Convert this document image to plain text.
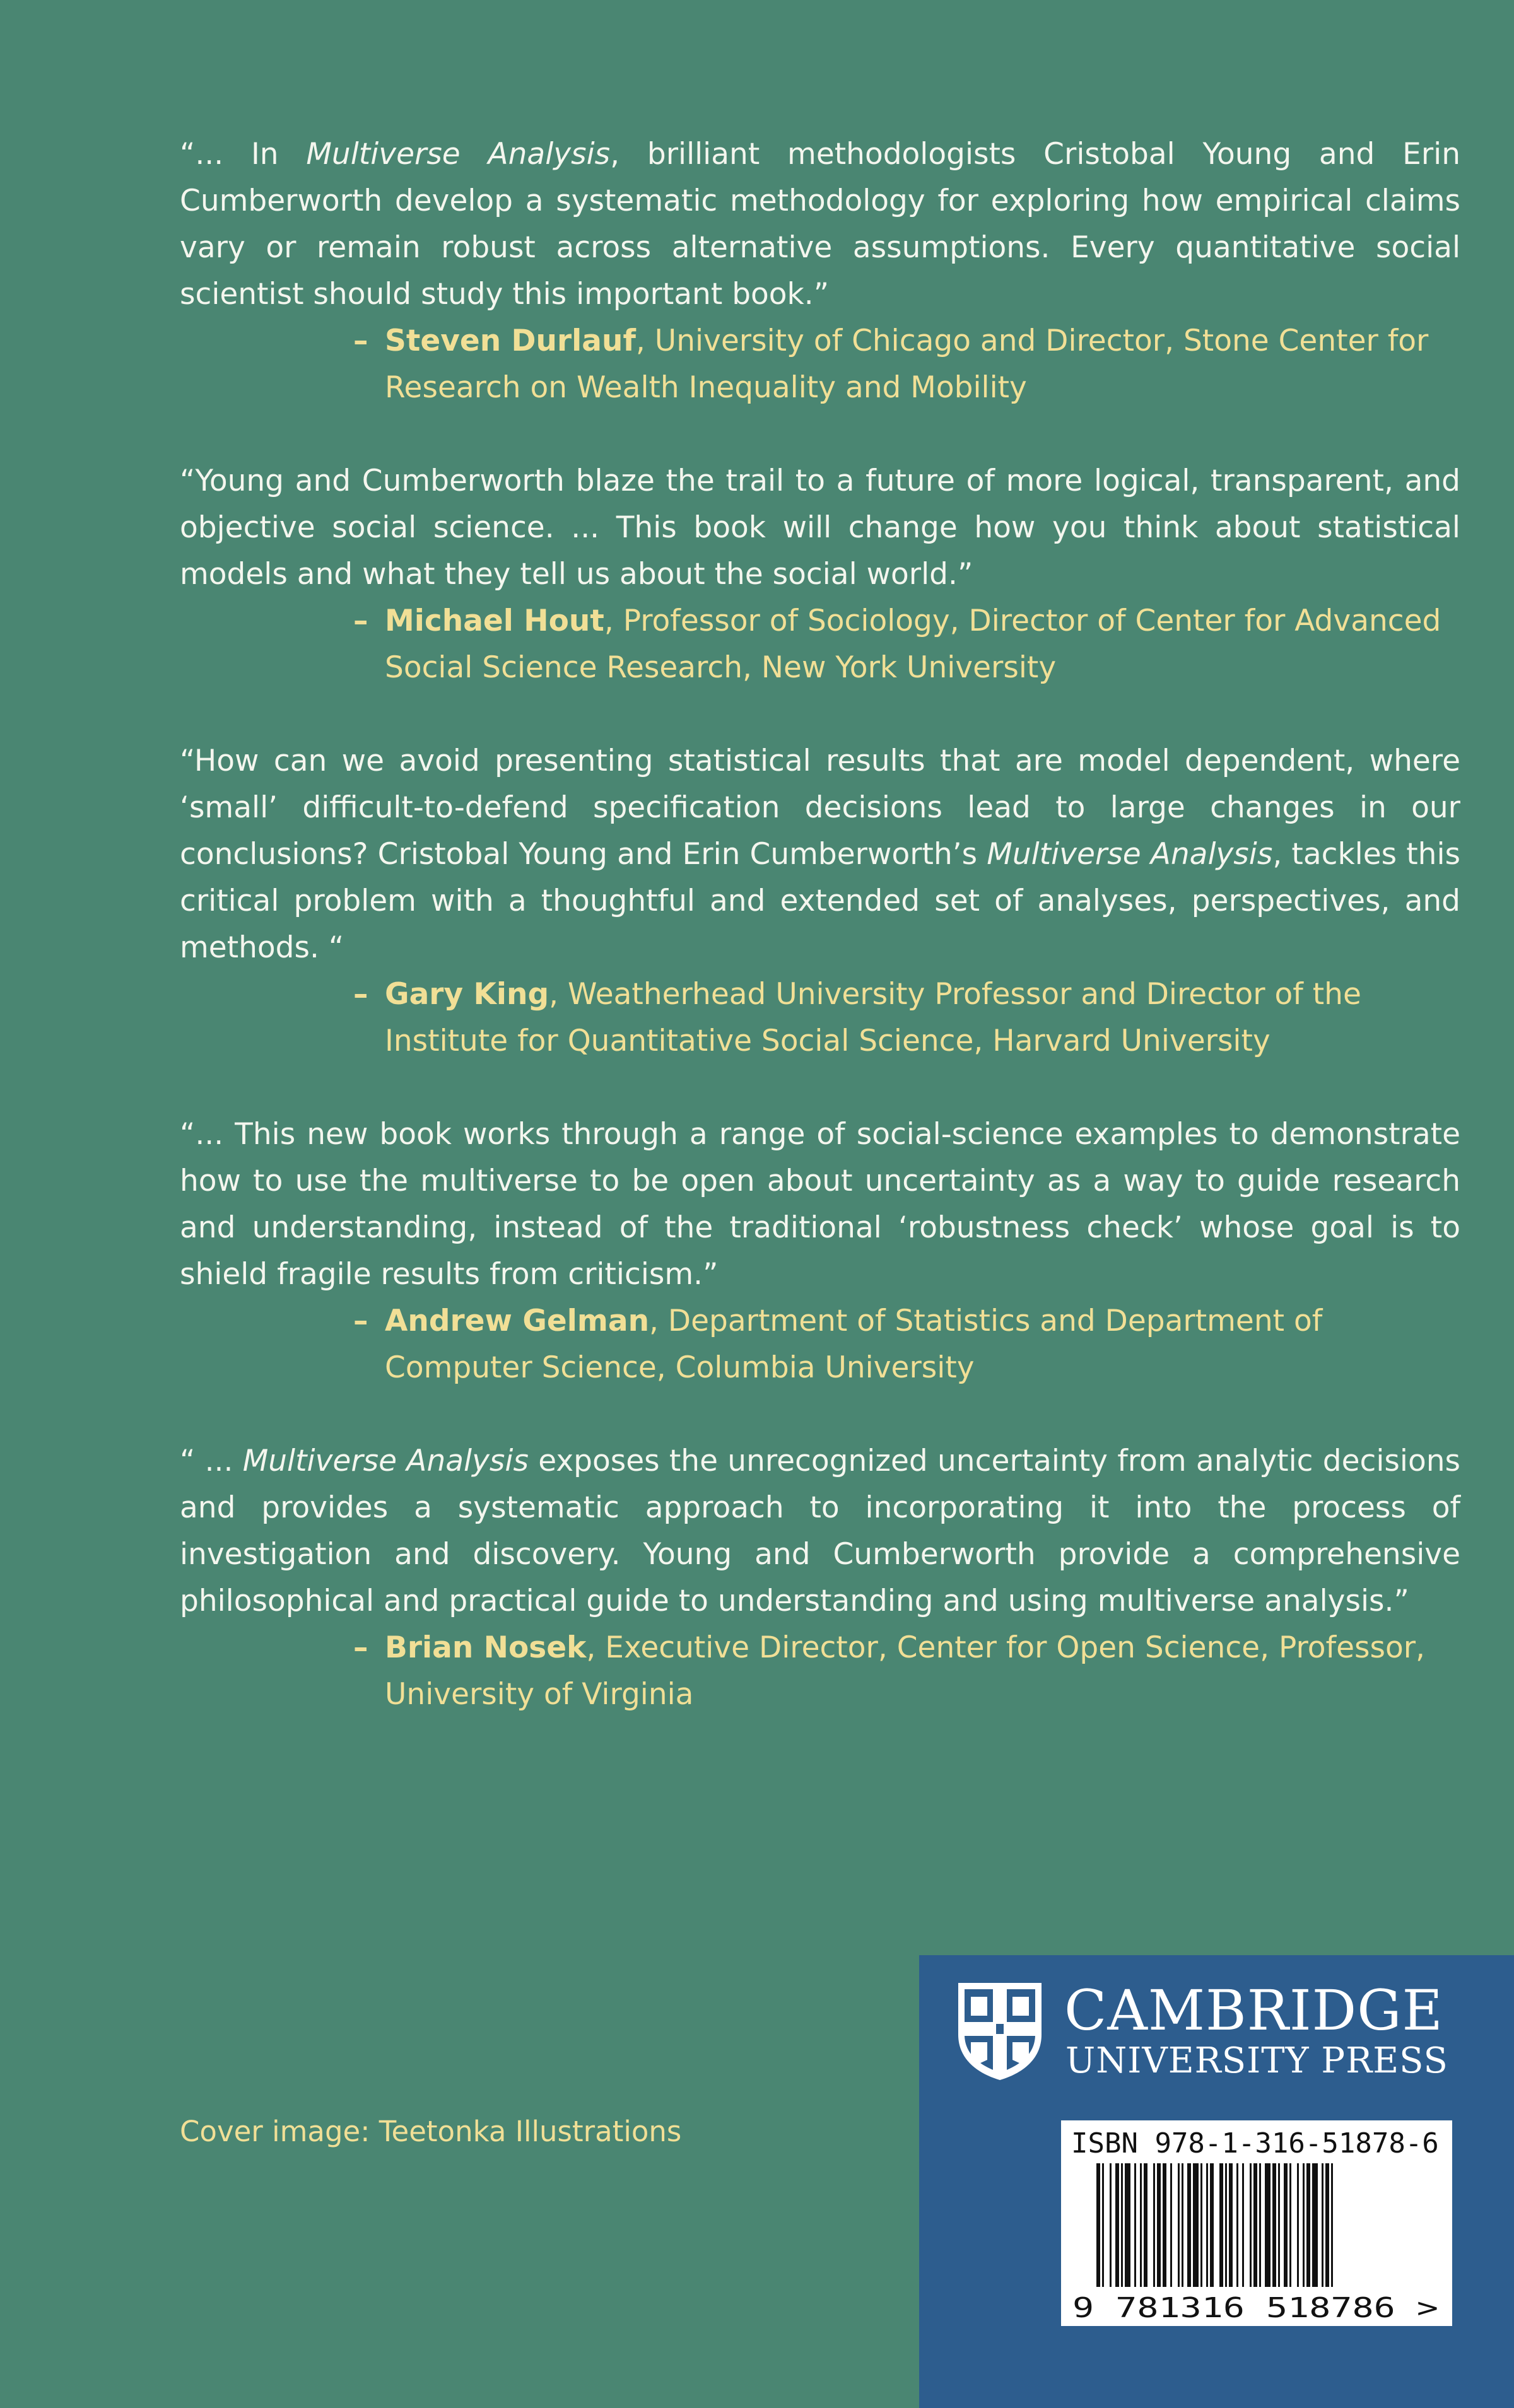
“... In Multiverse Analysis, brilliant methodologists Cristobal Young and Erin Cumberworth develop a systematic methodology for exploring how empirical claims vary or remain robust across alternative assumptions. Every quantitative social scientist should study this important book.”

– Steven Durlauf, University of Chicago and Director, Stone Center for Research on Wealth Inequality and Mobility

“Young and Cumberworth blaze the trail to a future of more logical, transparent, and objective social science. ... This book will change how you think about statistical models and what they tell us about the social world.”

– Michael Hout, Professor of Sociology, Director of Center for Advanced Social Science Research, New York University

“How can we avoid presenting statistical results that are model dependent, where ‘small’ difficult-to-defend specification decisions lead to large changes in our conclusions? Cristobal Young and Erin Cumberworth’s Multiverse Analysis, tackles this critical problem with a thoughtful and extended set of analyses, perspectives, and methods. “

– Gary King, Weatherhead University Professor and Director of the Institute for Quantitative Social Science, Harvard University

“... This new book works through a range of social-science examples to demonstrate how to use the multiverse to be open about uncertainty as a way to guide research and understanding, instead of the traditional ‘robustness check’ whose goal is to shield fragile results from criticism.”

– Andrew Gelman, Department of Statistics and Department of Computer Science, Columbia University

“ ... Multiverse Analysis exposes the unrecognized uncertainty from analytic decisions and provides a systematic approach to incorporating it into the process of investigation and discovery. Young and Cumberworth provide a comprehensive philosophical and practical guide to understanding and using multiverse analysis.”

– Brian Nosek, Executive Director, Center for Open Science, Professor, University of Virginia

Cover image: Teetonka Illustrations
CAMBRIDGE
UNIVERSITY PRESS
ISBN 978-1-316-51878-6
9 781316 518786 >
